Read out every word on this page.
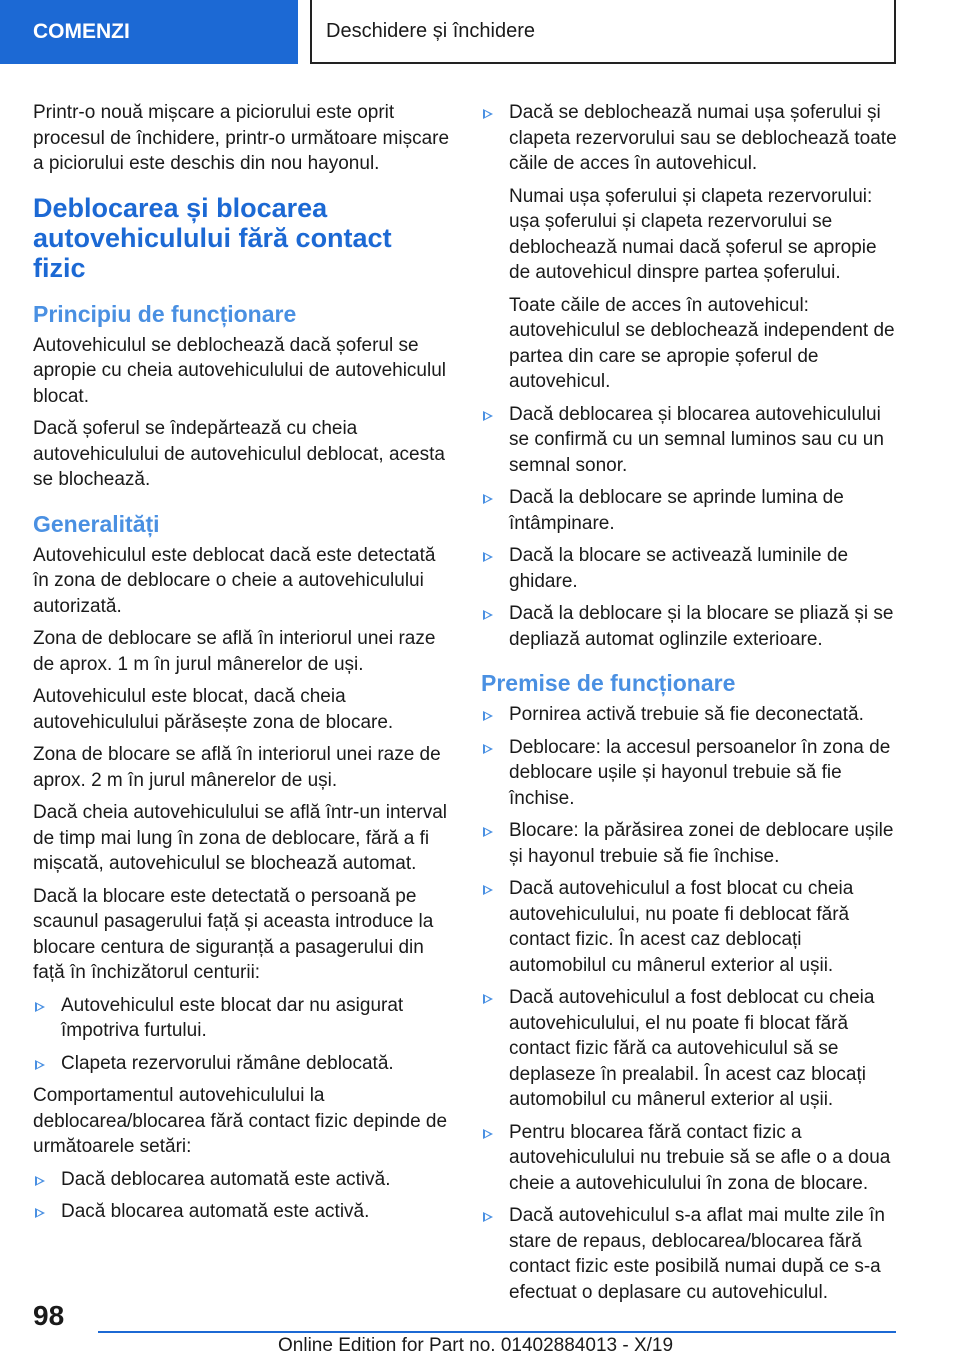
COMENZI	Deschidere și închidere

Printr-o nouă mișcare a piciorului este oprit procesul de închidere, printr-o următoare mișcare a piciorului este deschis din nou hayonul.

Deblocarea și blocarea autovehiculului fără contact fizic
Principiu de funcționare

Autovehiculul se deblochează dacă șoferul se apropie cu cheia autovehiculului de autovehiculul blocat.

Dacă șoferul se îndepărtează cu cheia autovehiculului de autovehiculul deblocat, acesta se blochează.

Generalități

Autovehiculul este deblocat dacă este detectată în zona de deblocare o cheie a autovehiculului autorizată.

Zona de deblocare se află în interiorul unei raze de aprox. 1 m în jurul mânerelor de uși.

Autovehiculul este blocat, dacă cheia autovehiculului părăsește zona de blocare.

Zona de blocare se află în interiorul unei raze de aprox. 2 m în jurul mânerelor de uși.

Dacă cheia autovehiculului se află într-un interval de timp mai lung în zona de deblocare, fără a fi mișcată, autovehiculul se blochează automat.

Dacă la blocare este detectată o persoană pe scaunul pasagerului față și aceasta introduce la blocare centura de siguranță a pasagerului din față în închizătorul centurii:

Autovehiculul este blocat dar nu asigurat împotriva furtului.
Clapeta rezervorului rămâne deblocată.

Comportamentul autovehiculului la deblocarea/blocarea fără contact fizic depinde de următoarele setări:

Dacă deblocarea automată este activă.
Dacă blocarea automată este activă.
Dacă se deblochează numai ușa șoferului și clapeta rezervorului sau se deblochează toate căile de acces în autovehicul.

Numai ușa șoferului și clapeta rezervorului: ușa șoferului și clapeta rezervorului se deblochează numai dacă șoferul se apropie de autovehicul dinspre partea șoferului.

Toate căile de acces în autovehicul: autovehiculul se deblochează independent de partea din care se apropie șoferul de autovehicul.

Dacă deblocarea și blocarea autovehiculului se confirmă cu un semnal luminos sau cu un semnal sonor.
Dacă la deblocare se aprinde lumina de întâmpinare.
Dacă la blocare se activează luminile de ghidare.
Dacă la deblocare și la blocare se pliază și se depliază automat oglinzile exterioare.
Premise de funcționare
Pornirea activă trebuie să fie deconectată.
Deblocare: la accesul persoanelor în zona de deblocare ușile și hayonul trebuie să fie închise.
Blocare: la părăsirea zonei de deblocare ușile și hayonul trebuie să fie închise.
Dacă autovehiculul a fost blocat cu cheia autovehiculului, nu poate fi deblocat fără contact fizic. În acest caz deblocați automobilul cu mânerul exterior al ușii.
Dacă autovehiculul a fost deblocat cu cheia autovehiculului, el nu poate fi blocat fără contact fizic fără ca autovehiculul să se deplaseze în prealabil. În acest caz blocați automobilul cu mânerul exterior al ușii.
Pentru blocarea fără contact fizic a autovehiculului nu trebuie să se afle o a doua cheie a autovehiculului în zona de blocare.
Dacă autovehiculul s-a aflat mai multe zile în stare de repaus, deblocarea/blocarea fără contact fizic este posibilă numai după ce s-a efectuat o deplasare cu autovehiculul.
98
Online Edition for Part no. 01402884013 - X/19
